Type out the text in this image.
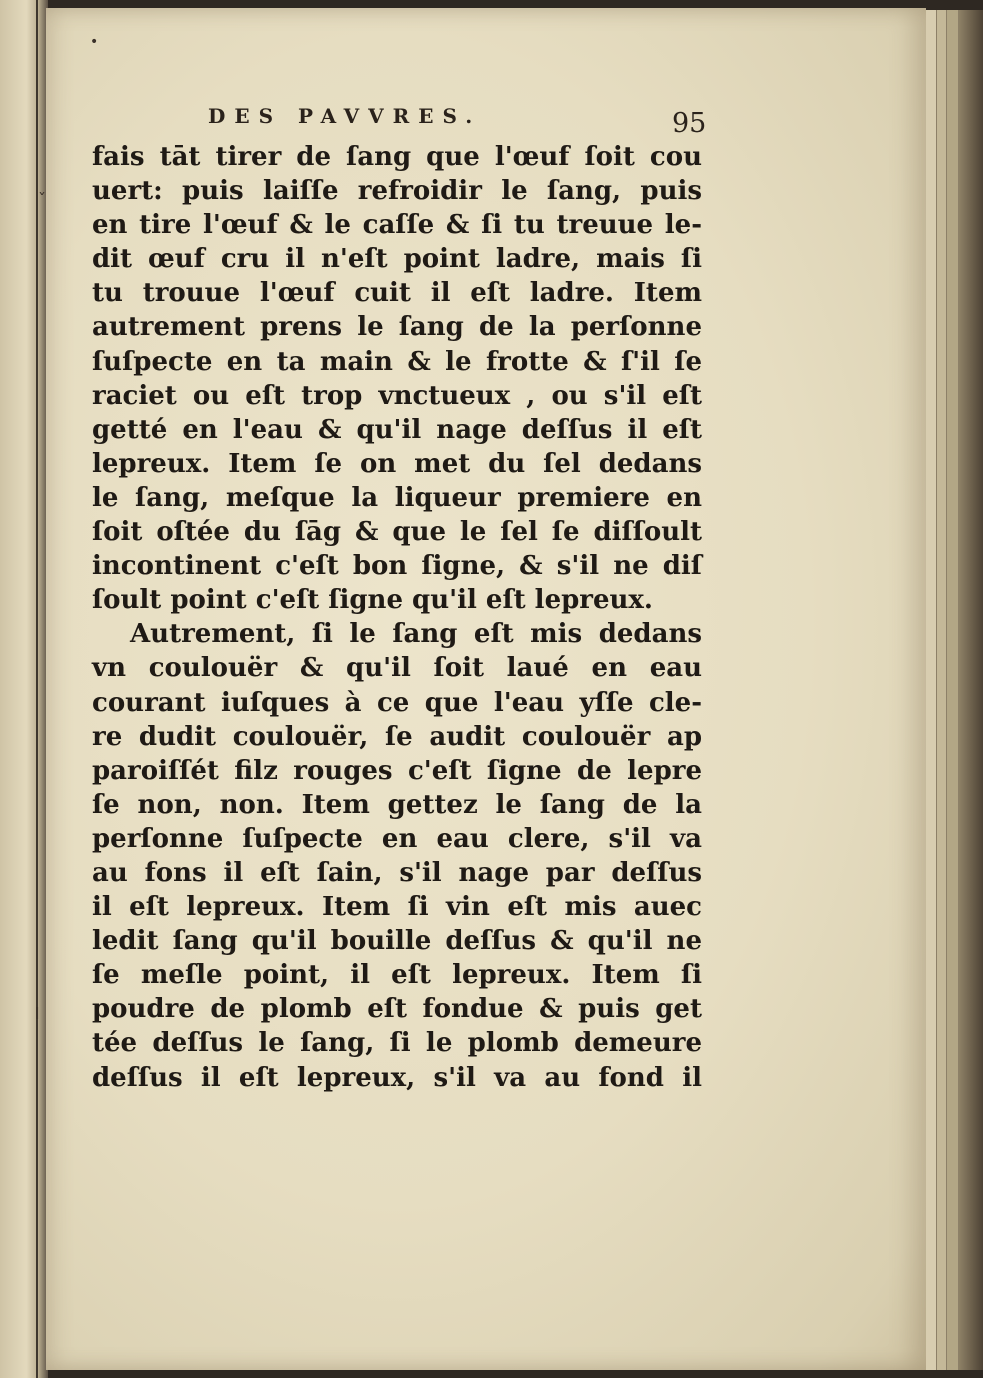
•
ˇ
ı

DES PAVVRES.	95

fais tāt tirer de ſang que l'œuf ſoit cou
uert: puis laiſſe refroidir le ſang, puis
en tire l'œuf & le caſſe & ſi tu treuue le-
dit œuf cru il n'eſt point ladre, mais ſi
tu trouue l'œuf cuit il eſt ladre. Item
autrement prens le ſang de la perſonne
ſuſpecte en ta main & le frotte & ſ'il ſe
raciet ou eſt trop vnctueux , ou s'il eſt
getté en l'eau & qu'il nage deſſus il eſt
lepreux. Item ſe on met du ſel dedans
le ſang, meſque la liqueur premiere en
ſoit oſtée du ſāg & que le ſel ſe diſſoult
incontinent c'eſt bon ſigne, & s'il ne diſ
ſoult point c'eſt ſigne qu'il eſt lepreux.
Autrement, ſi le ſang eſt mis dedans
vn coulouër & qu'il ſoit laué en eau
courant iuſques à ce que l'eau yſſe cle-
re dudit coulouër, ſe audit coulouër ap
paroiſſét filz rouges c'eſt ſigne de lepre
ſe non, non. Item gettez le ſang de la
perſonne ſuſpecte en eau clere, s'il va
au fons il eſt ſain, s'il nage par deſſus
il eſt lepreux. Item ſi vin eſt mis auec
ledit ſang qu'il bouille deſſus & qu'il ne
ſe meſle point, il eſt lepreux. Item ſi
poudre de plomb eſt fondue & puis get
tée deſſus le ſang, ſi le plomb demeure
deſſus il eſt lepreux, s'il va au fond il
